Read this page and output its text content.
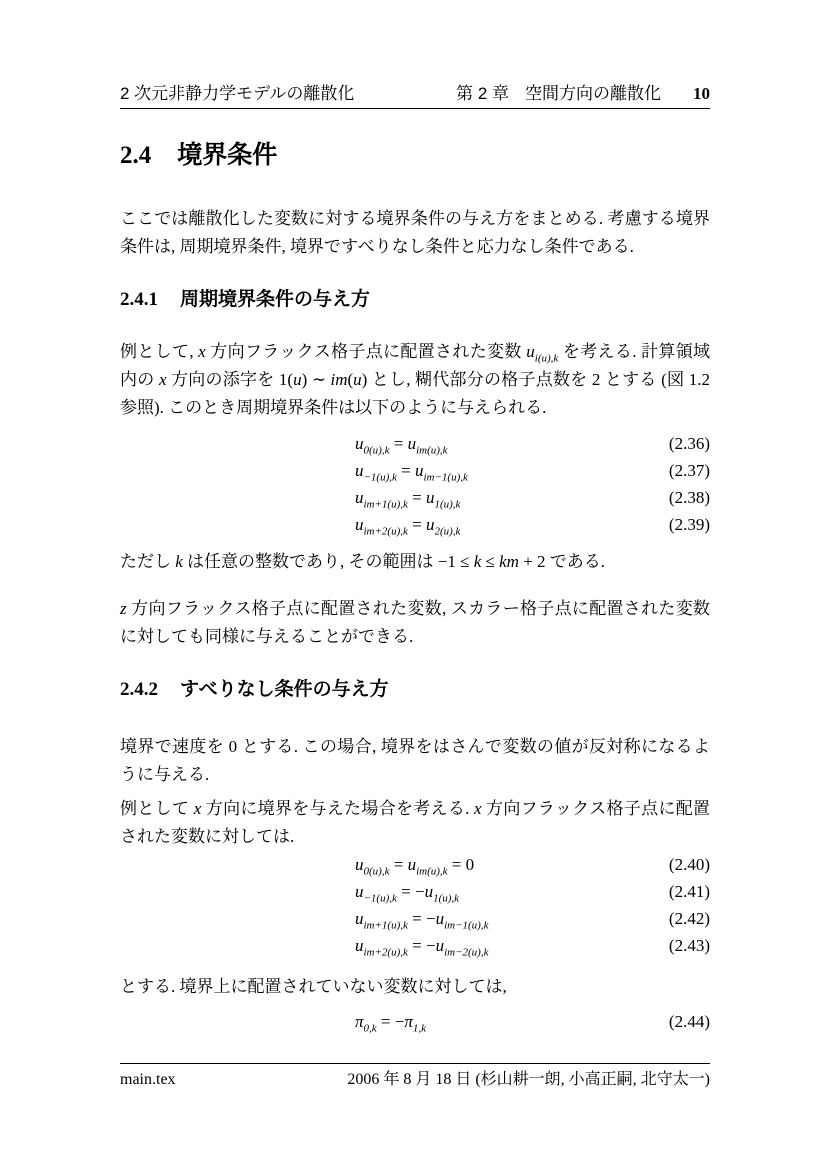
2 次元非静力学モデルの離散化	第 2 章 空間方向の離散化 10
2.4 境界条件

ここでは離散化した変数に対する境界条件の与え方をまとめる. 考慮する境界条件は, 周期境界条件, 境界ですべりなし条件と応力なし条件である.

2.4.1 周期境界条件の与え方

例として, x 方向フラックス格子点に配置された変数 $u_{i(u),k}$ を考える. 計算領域内の x 方向の添字を 1(u) ∼ im(u) とし, 糊代部分の格子点数を 2 とする (図 1.2 参照). このとき周期境界条件は以下のように与えられる.

$u_{0(u),k} = u_{im(u),k}$	(2.36)
$u_{-1(u),k} = u_{im-1(u),k}$	(2.37)
$u_{im+1(u),k} = u_{1(u),k}$	(2.38)
$u_{im+2(u),k} = u_{2(u),k}$	(2.39)

ただし k は任意の整数であり, その範囲は −1 ≤ k ≤ km + 2 である.

z 方向フラックス格子点に配置された変数, スカラー格子点に配置された変数に対しても同様に与えることができる.

2.4.2 すべりなし条件の与え方

境界で速度を 0 とする. この場合, 境界をはさんで変数の値が反対称になるように与える.

例として x 方向に境界を与えた場合を考える. x 方向フラックス格子点に配置された変数に対しては.

$u_{0(u),k} = u_{im(u),k} = 0$	(2.40)
$u_{-1(u),k} = -u_{1(u),k}$	(2.41)
$u_{im+1(u),k} = -u_{im-1(u),k}$	(2.42)
$u_{im+2(u),k} = -u_{im-2(u),k}$	(2.43)

とする. 境界上に配置されていない変数に対しては,

$\pi_{0,k} = -\pi_{1,k}$	(2.44)
main.tex	2006 年 8 月 18 日 (杉山耕一朗, 小高正嗣, 北守太一)
